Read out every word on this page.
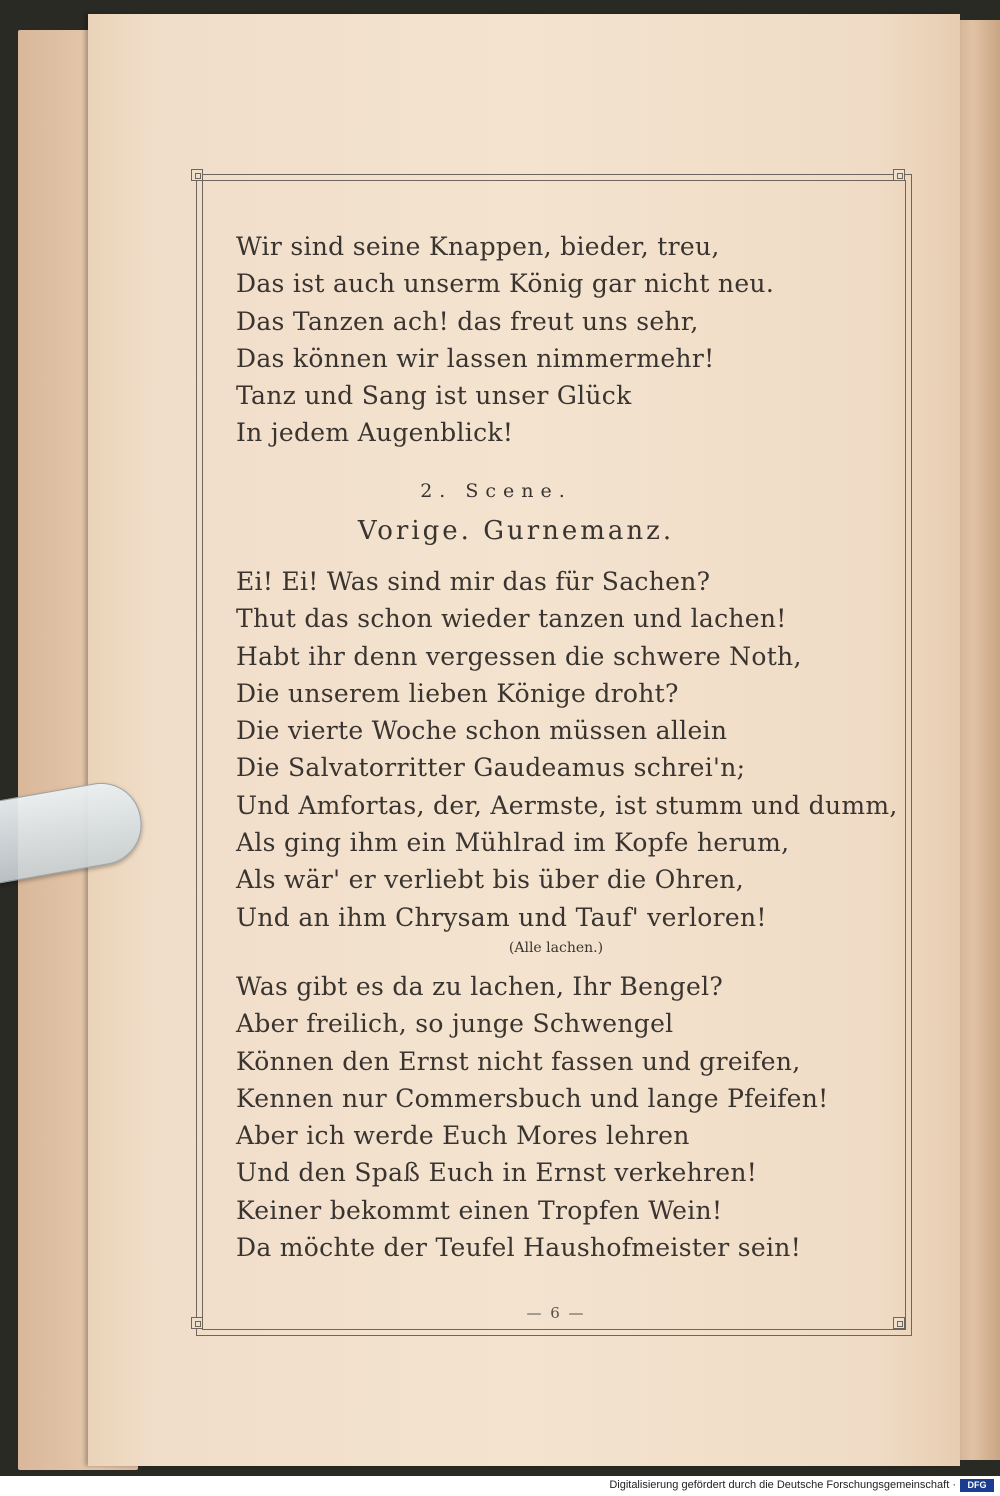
Wir sind seine Knappen, bieder, treu,
Das ist auch unserm König gar nicht neu.
Das Tanzen ach! das freut uns sehr,
Das können wir lassen nimmermehr!
Tanz und Sang ist unser Glück
In jedem Augenblick!
2. Scene.
Vorige. Gurnemanz.
Ei! Ei! Was sind mir das für Sachen?
Thut das schon wieder tanzen und lachen!
Habt ihr denn vergessen die schwere Noth,
Die unserem lieben Könige droht?
Die vierte Woche schon müssen allein
Die Salvatorritter Gaudeamus schrei'n;
Und Amfortas, der, Aermste, ist stumm und dumm,
Als ging ihm ein Mühlrad im Kopfe herum,
Als wär' er verliebt bis über die Ohren,
Und an ihm Chrysam und Tauf' verloren!
(Alle lachen.)
Was gibt es da zu lachen, Ihr Bengel?
Aber freilich, so junge Schwengel
Können den Ernst nicht fassen und greifen,
Kennen nur Commersbuch und lange Pfeifen!
Aber ich werde Euch Mores lehren
Und den Spaß Euch in Ernst verkehren!
Keiner bekommt einen Tropfen Wein!
Da möchte der Teufel Haushofmeister sein!
— 6 —
Digitalisierung gefördert durch die Deutsche Forschungsgemeinschaft ·	DFG
